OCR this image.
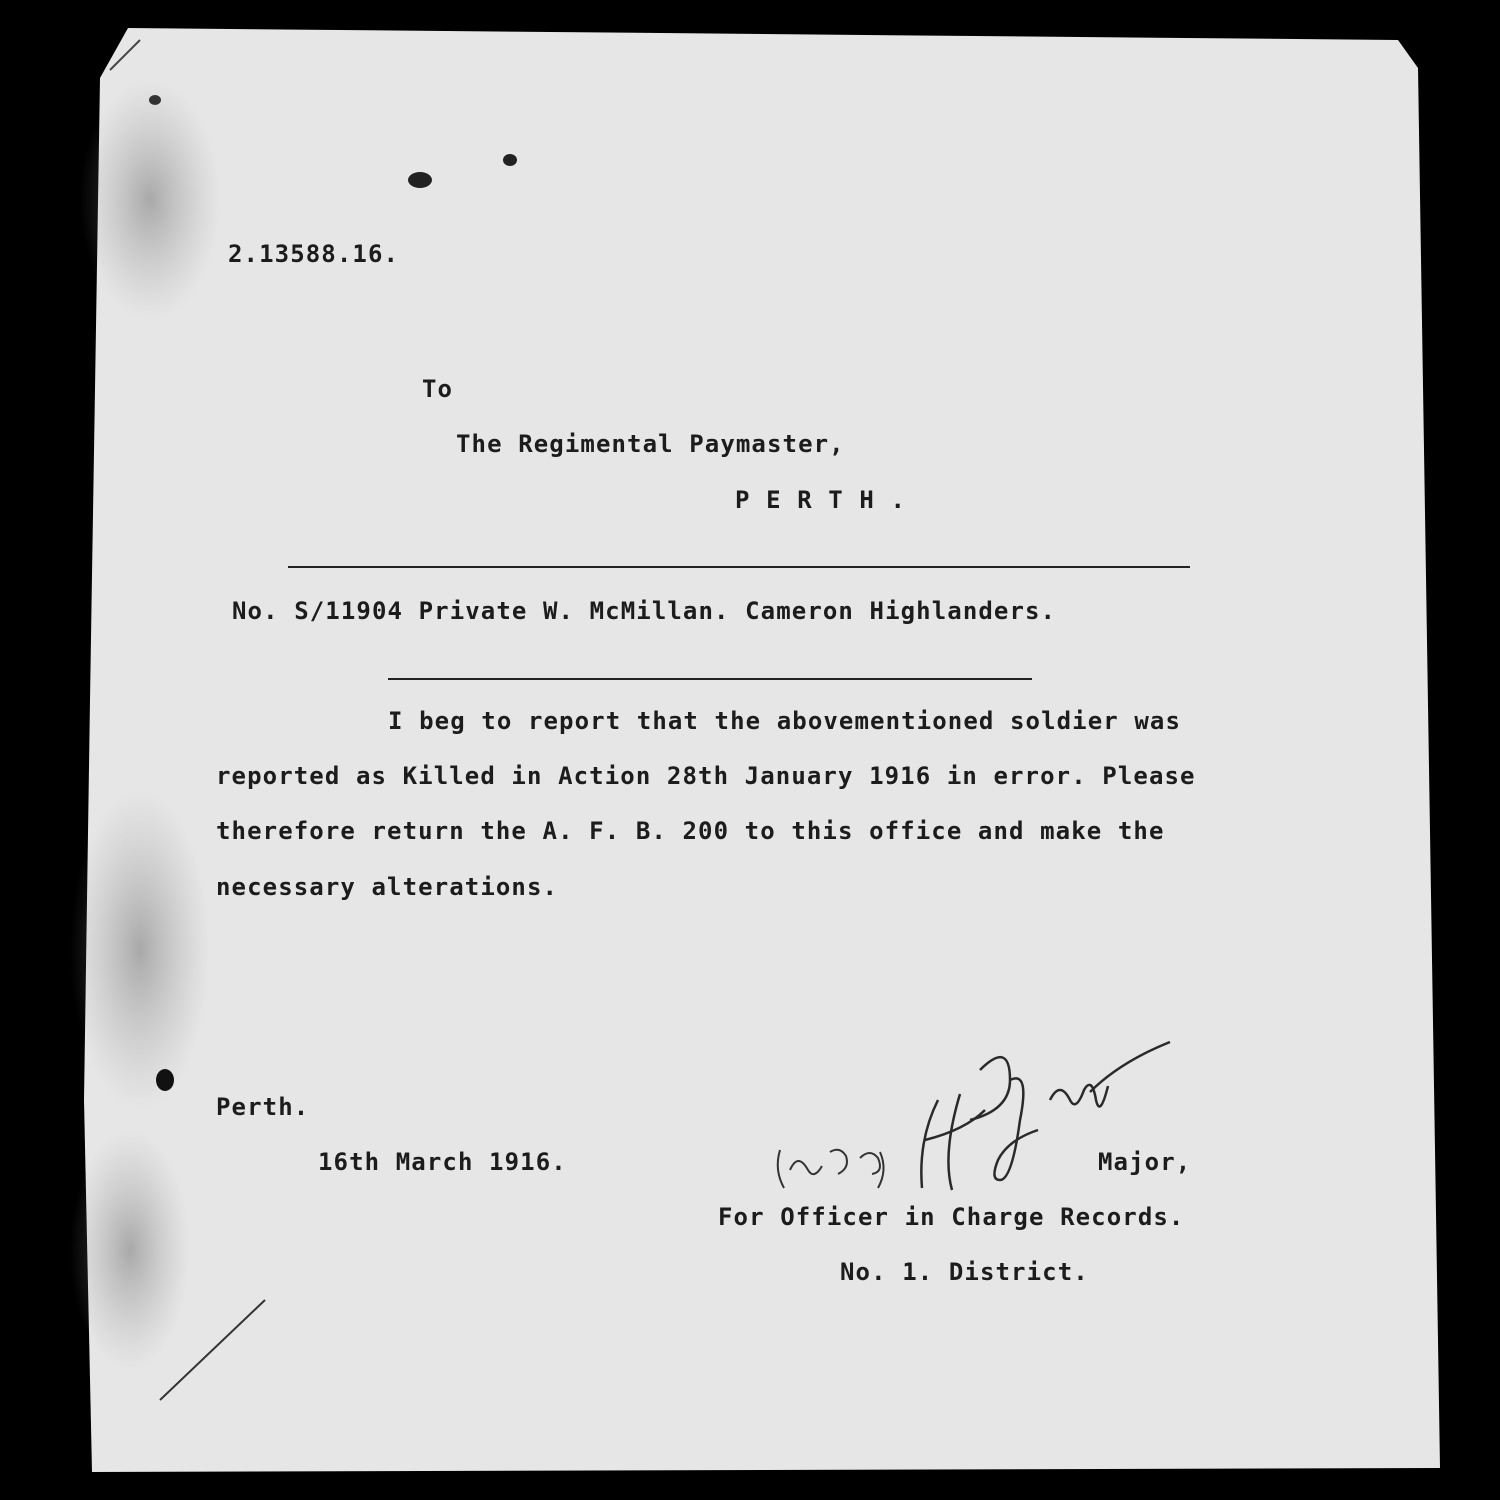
2.13588.16.
To
The Regimental Paymaster,
P E R T H .
No. S/11904 Private W. McMillan. Cameron Highlanders.
I beg to report that the abovementioned soldier was
reported as Killed in Action 28th January 1916 in error. Please
therefore return the A. F. B. 200 to this office and make the
necessary alterations.
Perth.
16th March 1916.	Major,
For Officer in Charge Records.
No. 1. District.
